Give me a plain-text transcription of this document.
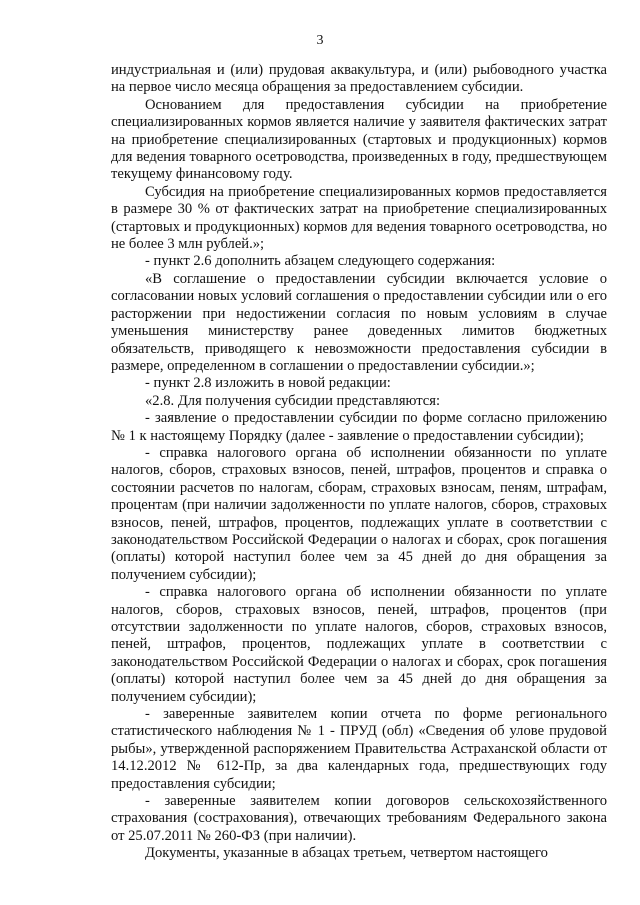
3

индустриальная и (или) прудовая аквакультура, и (или) рыбоводного участка на первое число месяца обращения за предоставлением субсидии.

Основанием для предоставления субсидии на приобретение специализированных кормов является наличие у заявителя фактических затрат на приобретение специализированных (стартовых и продукционных) кормов для ведения товарного осетроводства, произведенных в году, предшествующем текущему финансовому году.

Субсидия на приобретение специализированных кормов предоставляется в размере 30 % от фактических затрат на приобретение специализированных (стартовых и продукционных) кормов для ведения товарного осетроводства, но не более 3 млн рублей.»;

- пункт 2.6 дополнить абзацем следующего содержания:

«В соглашение о предоставлении субсидии включается условие о согласовании новых условий соглашения о предоставлении субсидии или о его расторжении при недостижении согласия по новым условиям в случае уменьшения министерству ранее доведенных лимитов бюджетных обязательств, приводящего к невозможности предоставления субсидии в размере, определенном в соглашении о предоставлении субсидии.»;

- пункт 2.8 изложить в новой редакции:

«2.8. Для получения субсидии представляются:

- заявление о предоставлении субсидии по форме согласно приложению № 1 к настоящему Порядку (далее - заявление о предоставлении субсидии);

- справка налогового органа об исполнении обязанности по уплате налогов, сборов, страховых взносов, пеней, штрафов, процентов и справка о состоянии расчетов по налогам, сборам, страховых взносам, пеням, штрафам, процентам (при наличии задолженности по уплате налогов, сборов, страховых взносов, пеней, штрафов, процентов, подлежащих уплате в соответствии с законодательством Российской Федерации о налогах и сборах, срок погашения (оплаты) которой наступил более чем за 45 дней до дня обращения за получением субсидии);

- справка налогового органа об исполнении обязанности по уплате налогов, сборов, страховых взносов, пеней, штрафов, процентов (при отсутствии задолженности по уплате налогов, сборов, страховых взносов, пеней, штрафов, процентов, подлежащих уплате в соответствии с законодательством Российской Федерации о налогах и сборах, срок погашения (оплаты) которой наступил более чем за 45 дней до дня обращения за получением субсидии);

- заверенные заявителем копии отчета по форме регионального статистического наблюдения № 1 - ПРУД (обл) «Сведения об улове прудовой рыбы», утвержденной распоряжением Правительства Астраханской области от 14.12.2012 № 612-Пр, за два календарных года, предшествующих году предоставления субсидии;

- заверенные заявителем копии договоров сельскохозяйственного страхования (сострахования), отвечающих требованиям Федерального закона от 25.07.2011 № 260-ФЗ (при наличии).

Документы, указанные в абзацах третьем, четвертом настоящего
